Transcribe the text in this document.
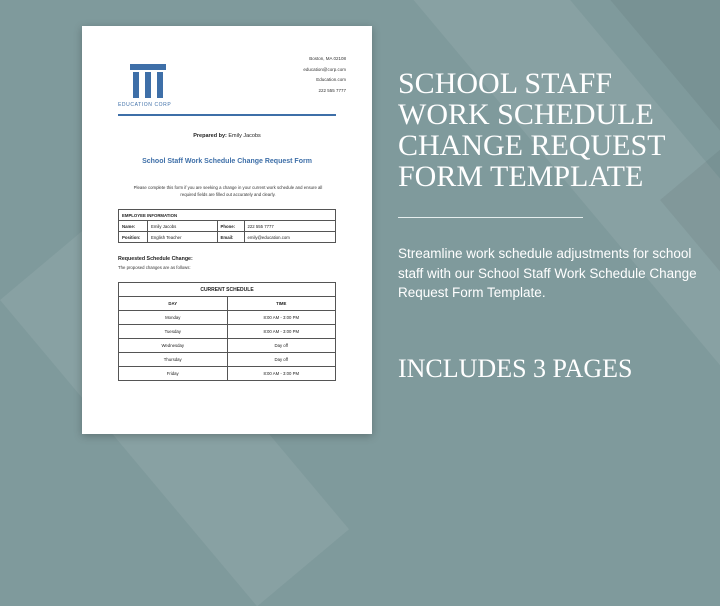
EDUCATION CORP
Boston, MA 02108
education@corp.com
Education.com
222 555 7777
Prepared by: Emily Jacobs
School Staff Work Schedule Change Request Form
Please complete this form if you are seeking a change in your current work schedule and ensure all required fields are filled out accurately and clearly.
EMPLOYEE INFORMATION			
Name:	Emily Jacobs	Phone:	222 555 7777
Position:	English Teacher	Email:	emily@education.com
Requested Schedule Change:
The proposed changes are as follows:
CURRENT SCHEDULE	
DAY	TIME
Monday	8:00 AM - 3:00 PM
Tuesday	8:00 AM - 3:00 PM
Wednesday	Day off
Thursday	Day off
Friday	8:00 AM - 3:00 PM
SCHOOL STAFF
WORK SCHEDULE
CHANGE REQUEST
FORM TEMPLATE
Streamline work schedule adjustments for school staff with our School Staff Work Schedule Change Request Form Template.
INCLUDES 3 PAGES
